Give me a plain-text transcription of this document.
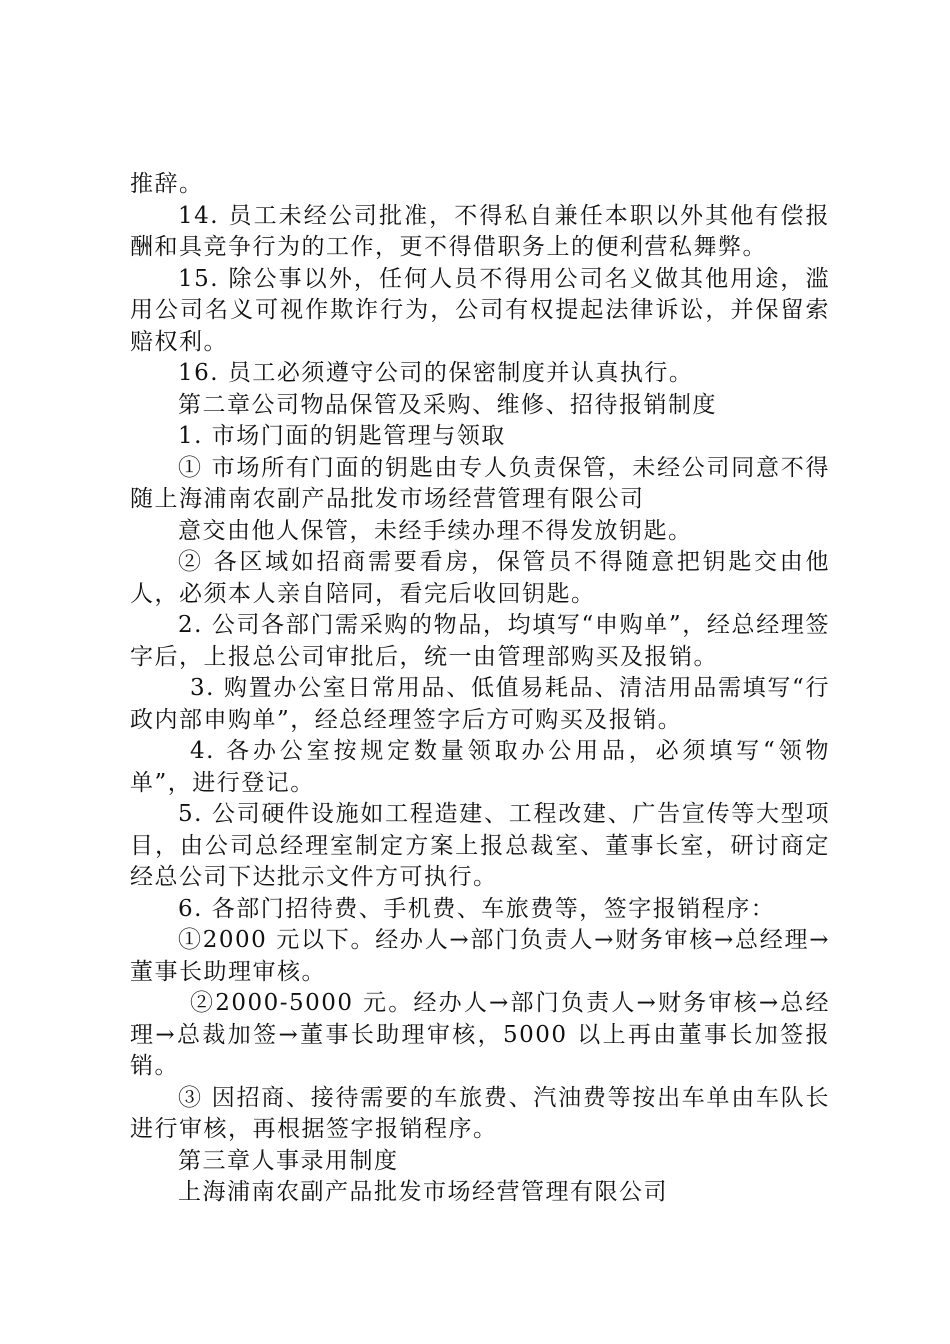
推辞。

14. 员工未经公司批准，不得私自兼任本职以外其他有偿报酬和具竞争行为的工作，更不得借职务上的便利营私舞弊。

15. 除公事以外，任何人员不得用公司名义做其他用途，滥用公司名义可视作欺诈行为，公司有权提起法律诉讼，并保留索赔权利。

16. 员工必须遵守公司的保密制度并认真执行。

第二章公司物品保管及采购、维修、招待报销制度

1. 市场门面的钥匙管理与领取

① 市场所有门面的钥匙由专人负责保管，未经公司同意不得随上海浦南农副产品批发市场经营管理有限公司

意交由他人保管，未经手续办理不得发放钥匙。

② 各区域如招商需要看房，保管员不得随意把钥匙交由他人，必须本人亲自陪同，看完后收回钥匙。

2. 公司各部门需采购的物品，均填写“申购单”，经总经理签字后，上报总公司审批后，统一由管理部购买及报销。

3. 购置办公室日常用品、低值易耗品、清洁用品需填写“行政内部申购单”，经总经理签字后方可购买及报销。

4. 各办公室按规定数量领取办公用品，必须填写“领物单”，进行登记。

5. 公司硬件设施如工程造建、工程改建、广告宣传等大型项目，由公司总经理室制定方案上报总裁室、董事长室，研讨商定经总公司下达批示文件方可执行。

6. 各部门招待费、手机费、车旅费等，签字报销程序：

①2000 元以下。经办人→部门负责人→财务审核→总经理→董事长助理审核。

②2000-5000 元。经办人→部门负责人→财务审核→总经理→总裁加签→董事长助理审核，5000 以上再由董事长加签报销。

③ 因招商、接待需要的车旅费、汽油费等按出车单由车队长进行审核，再根据签字报销程序。

第三章人事录用制度

上海浦南农副产品批发市场经营管理有限公司
